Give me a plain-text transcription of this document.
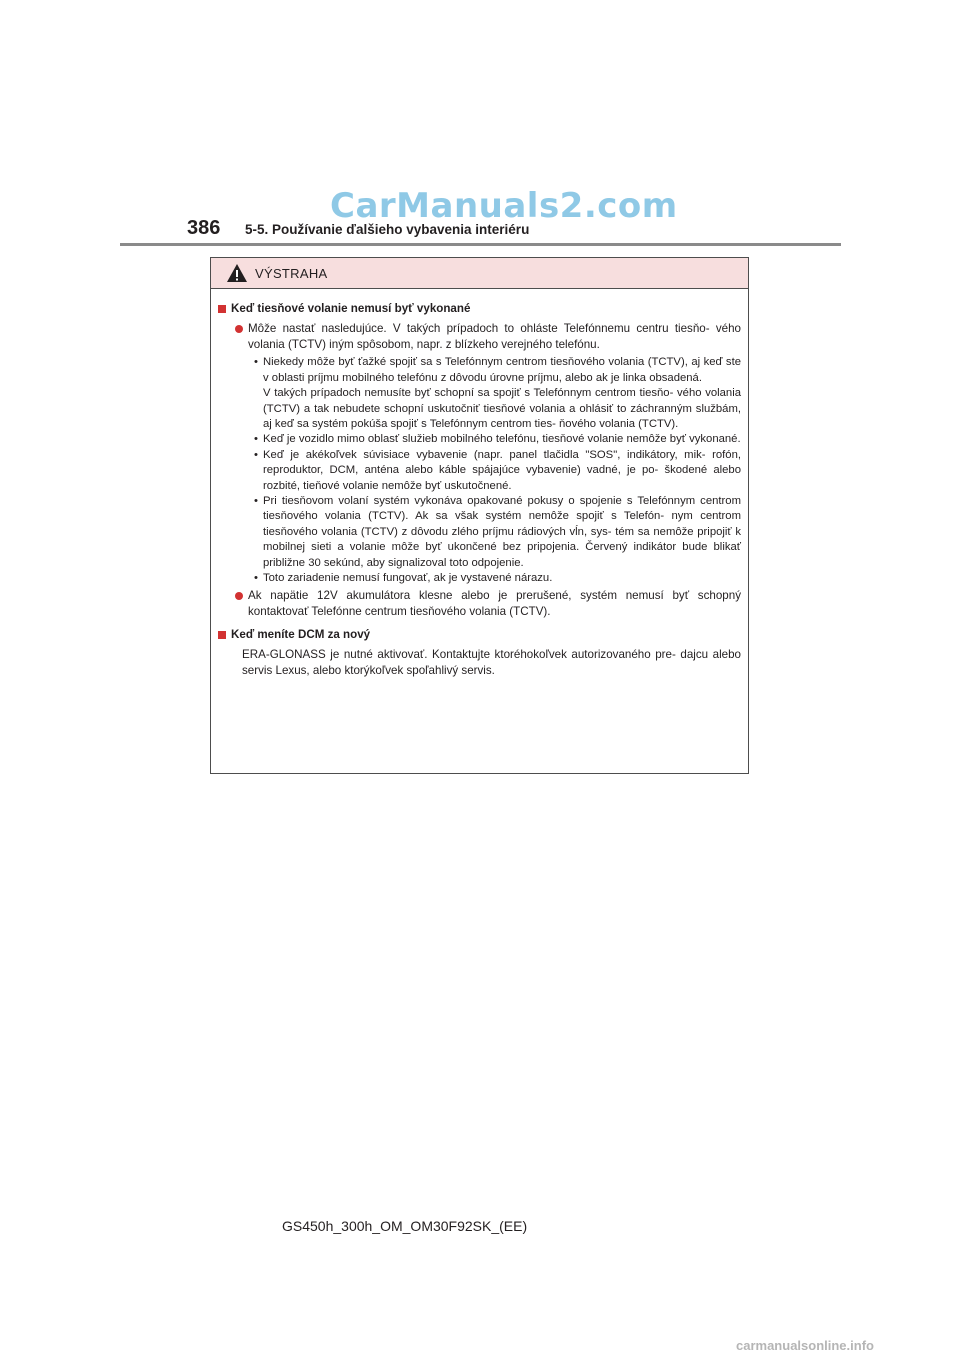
CarManuals2.com
386 5-5. Používanie ďalšieho vybavenia interiéru
VÝSTRAHA
Keď tiesňové volanie nemusí byť vykonané
Môže nastať nasledujúce. V takých prípadoch to ohláste Telefónnemu centru tiesňo- vého volania (TCTV) iným spôsobom, napr. z blízkeho verejného telefónu.
• Niekedy môže byť ťažké spojiť sa s Telefónnym centrom tiesňového volania (TCTV), aj keď ste v oblasti príjmu mobilného telefónu z dôvodu úrovne príjmu, alebo ak je linka obsadená.
V takých prípadoch nemusíte byť schopní sa spojiť s Telefónnym centrom tiesňo- vého volania (TCTV) a tak nebudete schopní uskutočniť tiesňové volania a ohlásiť to záchranným službám, aj keď sa systém pokúša spojiť s Telefónnym centrom ties- ňového volania (TCTV).
• Keď je vozidlo mimo oblasť služieb mobilného telefónu, tiesňové volanie nemôže byť vykonané.
• Keď je akékoľvek súvisiace vybavenie (napr. panel tlačidla "SOS", indikátory, mik- rofón, reproduktor, DCM, anténa alebo káble spájajúce vybavenie) vadné, je po- škodené alebo rozbité, tieňové volanie nemôže byť uskutočnené.
• Pri tiesňovom volaní systém vykonáva opakované pokusy o spojenie s Telefónnym centrom tiesňového volania (TCTV). Ak sa však systém nemôže spojiť s Telefón- nym centrom tiesňového volania (TCTV) z dôvodu zlého príjmu rádiových vĺn, sys- tém sa nemôže pripojiť k mobilnej sieti a volanie môže byť ukončené bez pripojenia. Červený indikátor bude blikať približne 30 sekúnd, aby signalizoval toto odpojenie.
• Toto zariadenie nemusí fungovať, ak je vystavené nárazu.
Ak napätie 12V akumulátora klesne alebo je prerušené, systém nemusí byť schopný kontaktovať Telefónne centrum tiesňového volania (TCTV).
Keď meníte DCM za nový
ERA-GLONASS je nutné aktivovať. Kontaktujte ktoréhokoľvek autorizovaného pre- dajcu alebo servis Lexus, alebo ktorýkoľvek spoľahlivý servis.
GS450h_300h_OM_OM30F92SK_(EE)
carmanualsonline.info
